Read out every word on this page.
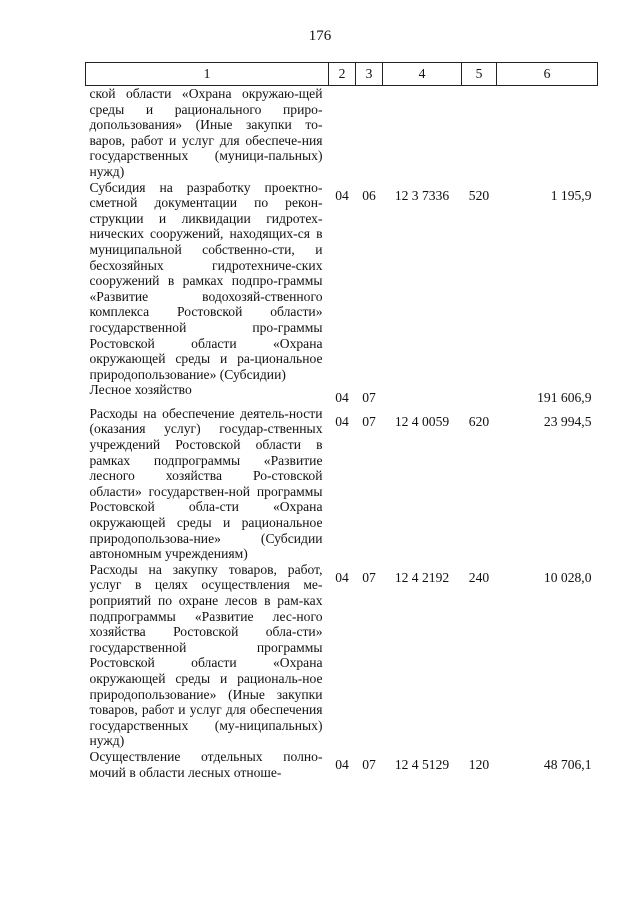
176
1	2	3	4	5	6
ской области «Охрана окружаю-щей среды и рационального приро-допользования» (Иные закупки то-варов, работ и услуг для обеспече-ния государственных (муници-пальных) нужд)					
Субсидия на разработку проектно-сметной документации по рекон-струкции и ликвидации гидротех-нических сооружений, находящих-ся в муниципальной собственно-сти, и бесхозяйных гидротехниче-ских сооружений в рамках подпро-граммы «Развитие водохозяй-ственного комплекса Ростовской области» государственной про-граммы Ростовской области «Охрана окружающей среды и ра-циональное природопользование» (Субсидии)	04	06	12 3 7336	520	1 195,9
Лесное хозяйство	04	07			191 606,9
Расходы на обеспечение деятель-ности (оказания услуг) государ-ственных учреждений Ростовской области в рамках подпрограммы «Развитие лесного хозяйства Ро-стовской области» государствен-ной программы Ростовской обла-сти «Охрана окружающей среды и рациональное природопользова-ние» (Субсидии автономным учреждениям)	04	07	12 4 0059	620	23 994,5
Расходы на закупку товаров, работ, услуг в целях осуществления ме-роприятий по охране лесов в рам-ках подпрограммы «Развитие лес-ного хозяйства Ростовской обла-сти» государственной программы Ростовской области «Охрана окружающей среды и рациональ-ное природопользование» (Иные закупки товаров, работ и услуг для обеспечения государственных (му-ниципальных) нужд)	04	07	12 4 2192	240	10 028,0
Осуществление отдельных полно-мочий в области лесных отноше-	04	07	12 4 5129	120	48 706,1
